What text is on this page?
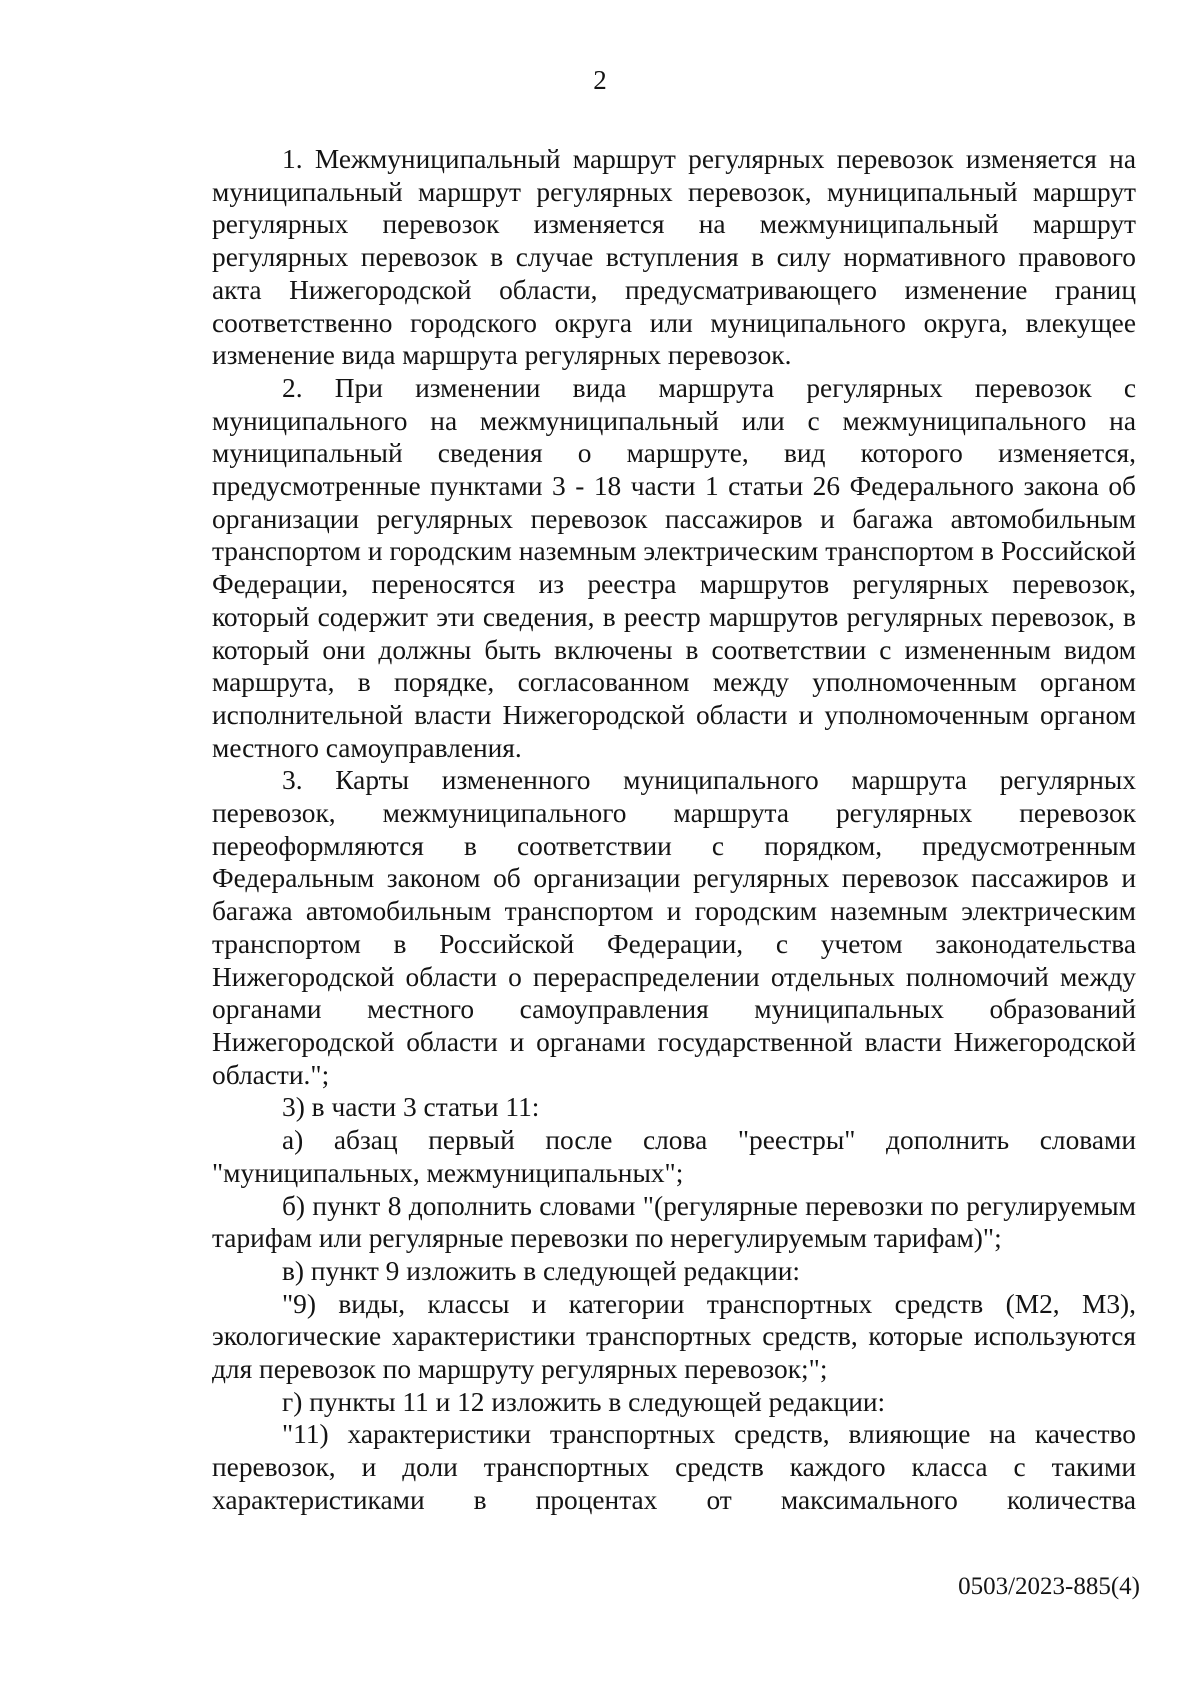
2

1. Межмуниципальный маршрут регулярных перевозок изменяется на муниципальный маршрут регулярных перевозок, муниципальный маршрут регулярных перевозок изменяется на межмуниципальный маршрут регулярных перевозок в случае вступления в силу нормативного правового акта Нижегородской области, предусматривающего изменение границ соответственно городского округа или муниципального округа, влекущее изменение вида маршрута регулярных перевозок.

2. При изменении вида маршрута регулярных перевозок с муниципального на межмуниципальный или с межмуниципального на муниципальный сведения о маршруте, вид которого изменяется, предусмотренные пунктами 3 - 18 части 1 статьи 26 Федерального закона об организации регулярных перевозок пассажиров и багажа автомобильным транспортом и городским наземным электрическим транспортом в Российской Федерации, переносятся из реестра маршрутов регулярных перевозок, который содержит эти сведения, в реестр маршрутов регулярных перевозок, в который они должны быть включены в соответствии с измененным видом маршрута, в порядке, согласованном между уполномоченным органом исполнительной власти Нижегородской области и уполномоченным органом местного самоуправления.

3. Карты измененного муниципального маршрута регулярных перевозок, межмуниципального маршрута регулярных перевозок переоформляются в соответствии с порядком, предусмотренным Федеральным законом об организации регулярных перевозок пассажиров и багажа автомобильным транспортом и городским наземным электрическим транспортом в Российской Федерации, с учетом законодательства Нижегородской области о перераспределении отдельных полномочий между органами местного самоуправления муниципальных образований Нижегородской области и органами государственной власти Нижегородской области.";

3) в части 3 статьи 11:

а) абзац первый после слова "реестры" дополнить словами "муниципальных, межмуниципальных";

б) пункт 8 дополнить словами "(регулярные перевозки по регулируемым тарифам или регулярные перевозки по нерегулируемым тарифам)";

в) пункт 9 изложить в следующей редакции:

"9) виды, классы и категории транспортных средств (М2, М3), экологические характеристики транспортных средств, которые используются для перевозок по маршруту регулярных перевозок;";

г) пункты 11 и 12 изложить в следующей редакции:

"11) характеристики транспортных средств, влияющие на качество перевозок, и доли транспортных средств каждого класса с такими характеристиками в процентах от максимального количества

0503/2023-885(4)
